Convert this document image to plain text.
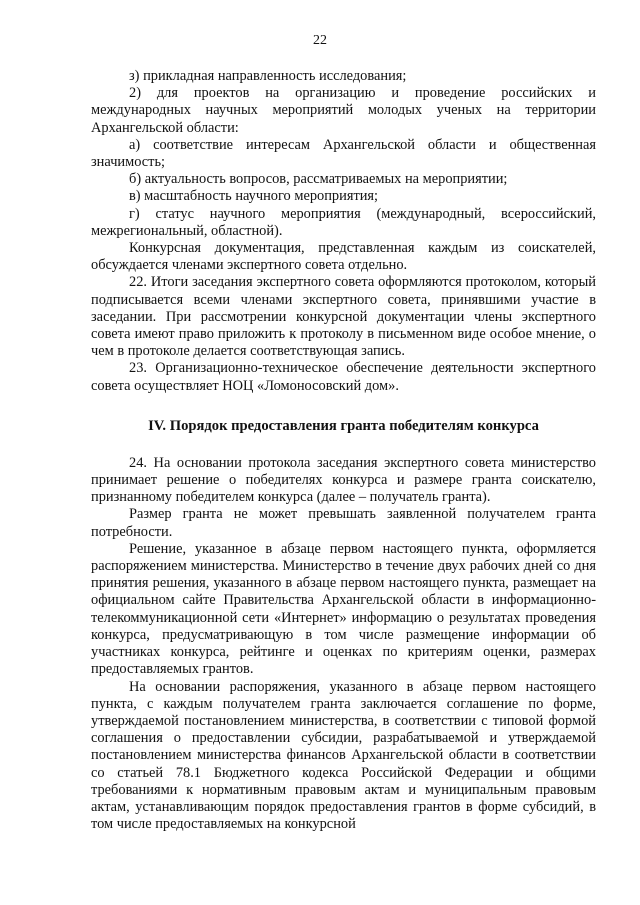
22

з) прикладная направленность исследования;

2) для проектов на организацию и проведение российских и международных научных мероприятий молодых ученых на территории Архангельской области:

а) соответствие интересам Архангельской области и общественная значимость;

б) актуальность вопросов, рассматриваемых на мероприятии;

в) масштабность научного мероприятия;

г) статус научного мероприятия (международный, всероссийский, межрегиональный, областной).

Конкурсная документация, представленная каждым из соискателей, обсуждается членами экспертного совета отдельно.

22. Итоги заседания экспертного совета оформляются протоколом, который подписывается всеми членами экспертного совета, принявшими участие в заседании. При рассмотрении конкурсной документации члены экспертного совета имеют право приложить к протоколу в письменном виде особое мнение, о чем в протоколе делается соответствующая запись.

23. Организационно-техническое обеспечение деятельности экспертного совета осуществляет НОЦ «Ломоносовский дом».

IV. Порядок предоставления гранта победителям конкурса

24. На основании протокола заседания экспертного совета министерство принимает решение о победителях конкурса и размере гранта соискателю, признанному победителем конкурса (далее – получатель гранта).

Размер гранта не может превышать заявленной получателем гранта потребности.

Решение, указанное в абзаце первом настоящего пункта, оформляется распоряжением министерства. Министерство в течение двух рабочих дней со дня принятия решения, указанного в абзаце первом настоящего пункта, размещает на официальном сайте Правительства Архангельской области в информационно-телекоммуникационной сети «Интернет» информацию о результатах проведения конкурса, предусматривающую в том числе размещение информации об участниках конкурса, рейтинге и оценках по критериям оценки, размерах предоставляемых грантов.

На основании распоряжения, указанного в абзаце первом настоящего пункта, с каждым получателем гранта заключается соглашение по форме, утверждаемой постановлением министерства, в соответствии с типовой формой соглашения о предоставлении субсидии, разрабатываемой и утверждаемой постановлением министерства финансов Архангельской области в соответствии со статьей 78.1 Бюджетного кодекса Российской Федерации и общими требованиями к нормативным правовым актам и муниципальным правовым актам, устанавливающим порядок предоставления грантов в форме субсидий, в том числе предоставляемых на конкурсной
